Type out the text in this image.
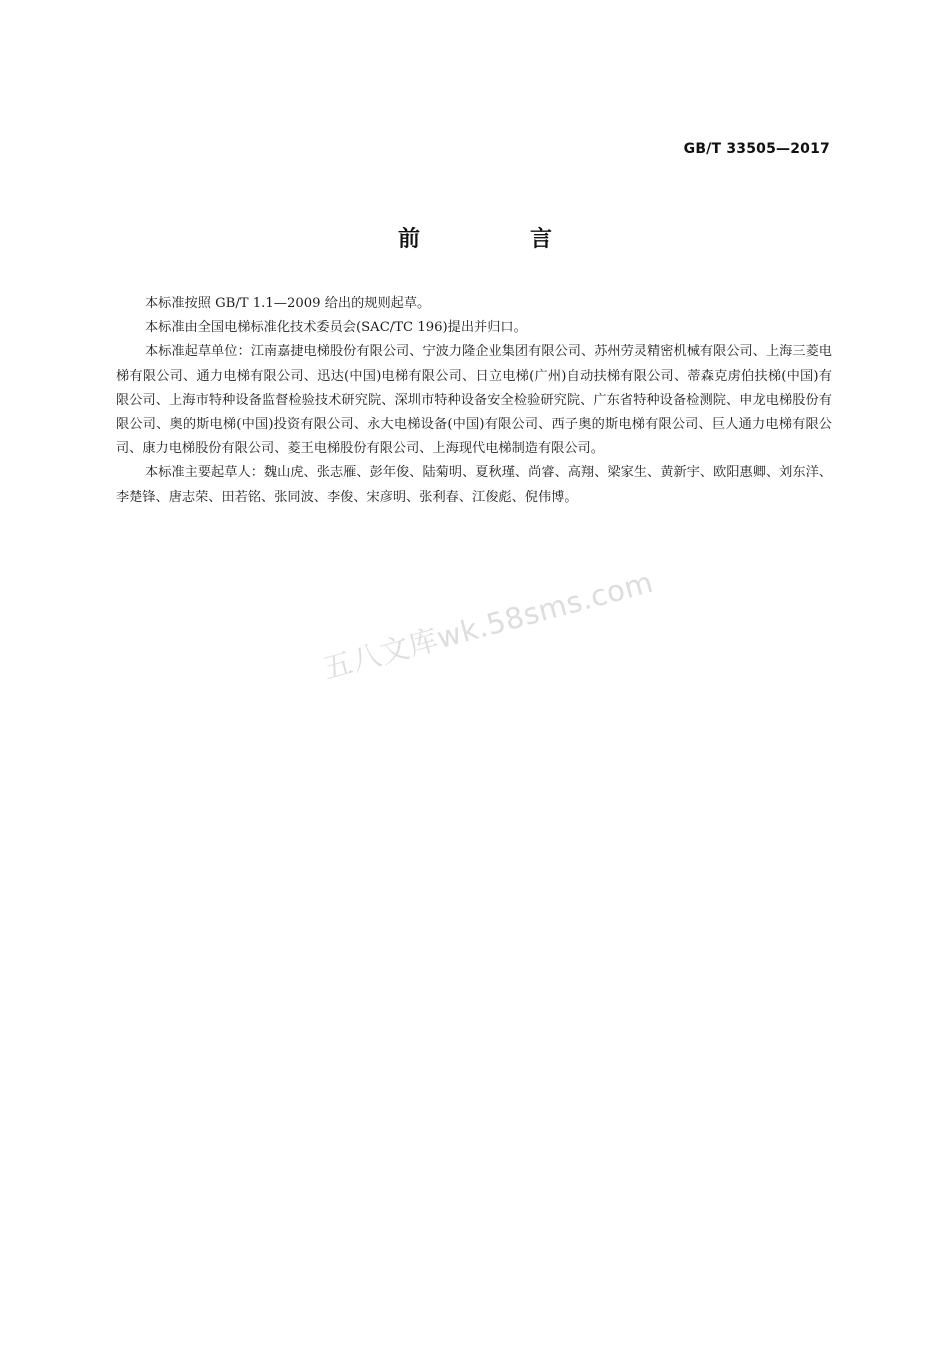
GB/T 33505—2017
前　言

本标准按照 GB/T 1.1—2009 给出的规则起草。

本标准由全国电梯标准化技术委员会(SAC/TC 196)提出并归口。

本标准起草单位：江南嘉捷电梯股份有限公司、宁波力隆企业集团有限公司、苏州劳灵精密机械有限公司、上海三菱电梯有限公司、通力电梯有限公司、迅达(中国)电梯有限公司、日立电梯(广州)自动扶梯有限公司、蒂森克虏伯扶梯(中国)有限公司、上海市特种设备监督检验技术研究院、深圳市特种设备安全检验研究院、广东省特种设备检测院、申龙电梯股份有限公司、奥的斯电梯(中国)投资有限公司、永大电梯设备(中国)有限公司、西子奥的斯电梯有限公司、巨人通力电梯有限公司、康力电梯股份有限公司、菱王电梯股份有限公司、上海现代电梯制造有限公司。

本标准主要起草人：魏山虎、张志雁、彭年俊、陆菊明、夏秋瑾、尚睿、高翔、梁家生、黄新宇、欧阳惠卿、刘东洋、李楚锋、唐志荣、田若铭、张同波、李俊、宋彦明、张利春、江俊彪、倪伟博。

五八文库wk.58sms.com
